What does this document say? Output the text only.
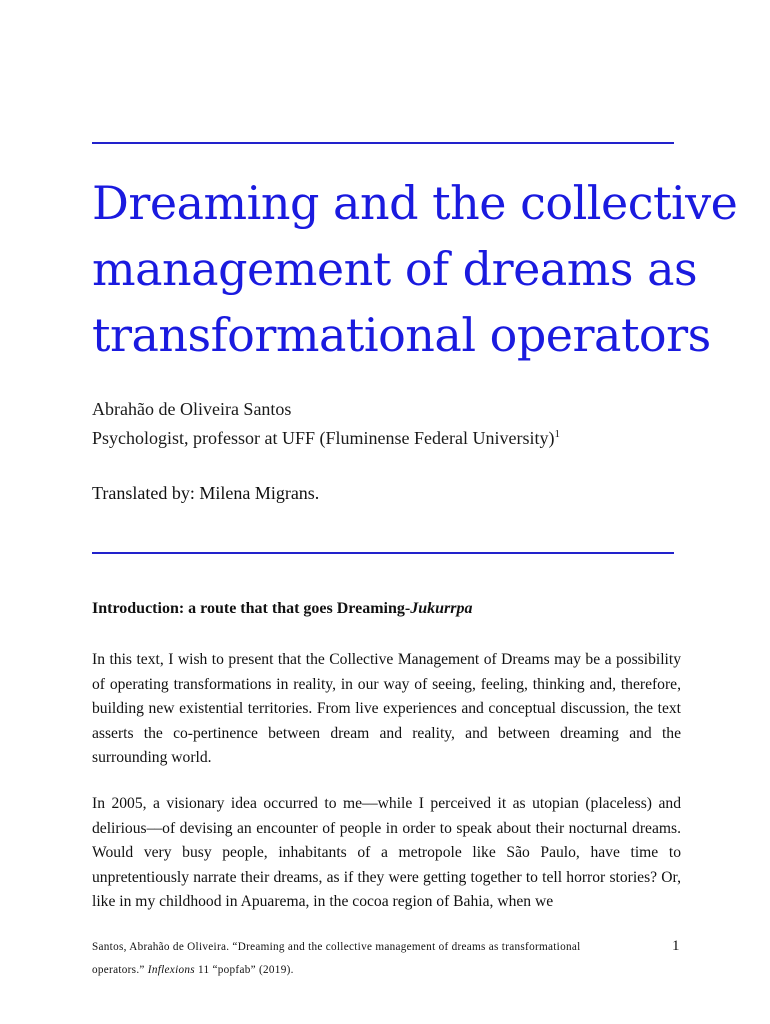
Dreaming and the collective
management of dreams as
transformational operators
Abrahão de Oliveira Santos
Psychologist, professor at UFF (Fluminense Federal University)$^1$
Translated by: Milena Migrans.
Introduction: a route that that goes Dreaming-Jukurrpa

In this text, I wish to present that the Collective Management of Dreams may be a possibility of operating transformations in reality, in our way of seeing, feeling, thinking and, therefore, building new existential territories. From live experiences and conceptual discussion, the text asserts the co-pertinence between dream and reality, and between dreaming and the surrounding world.

In 2005, a visionary idea occurred to me––while I perceived it as utopian (placeless) and delirious––of devising an encounter of people in order to speak about their nocturnal dreams. Would very busy people, inhabitants of a metropole like São Paulo, have time to unpretentiously narrate their dreams, as if they were getting together to tell horror stories? Or, like in my childhood in Apuarema, in the cocoa region of Bahia, when we

Santos, Abrahão de Oliveira. “Dreaming and the collective management of dreams as transformational operators.” Inflexions 11 “popfab” (2019).
1
